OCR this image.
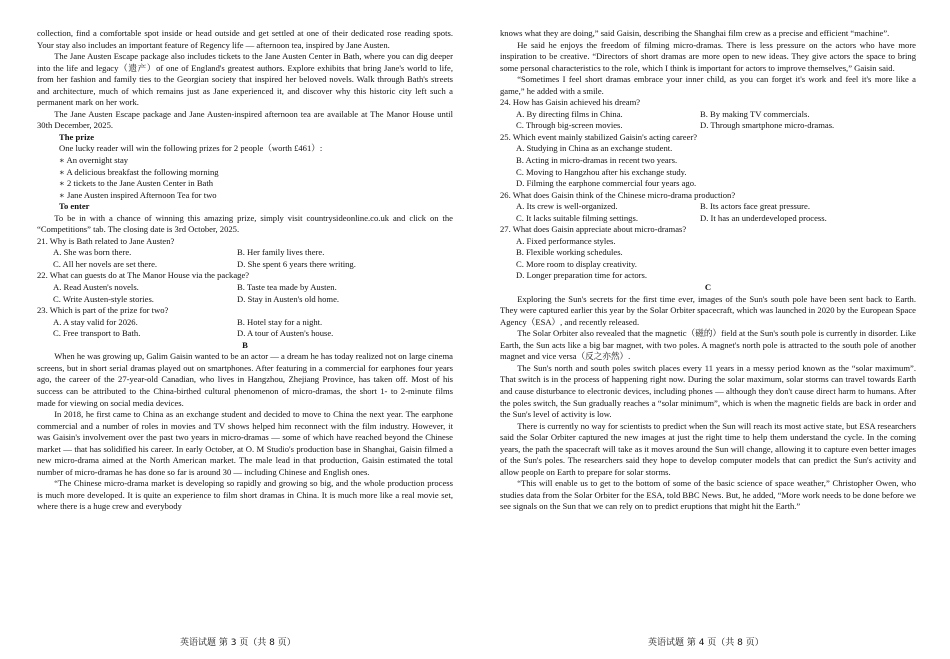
collection, find a comfortable spot inside or head outside and get settled at one of their dedicated rose reading spots. Your stay also includes an important feature of Regency life — afternoon tea, inspired by Jane Austen.

The Jane Austen Escape package also includes tickets to the Jane Austen Center in Bath, where you can dig deeper into the life and legacy（遗产）of one of England's greatest authors. Explore exhibits that bring Jane's world to life, from her fashion and family ties to the Georgian society that inspired her beloved novels. Walk through Bath's streets and architecture, much of which remains just as Jane experienced it, and discover why this historic city left such a permanent mark on her work.

The Jane Austen Escape package and Jane Austen-inspired afternoon tea are available at The Manor House until 30th December, 2025.

The prize
One lucky reader will win the following prizes for 2 people（worth £461）:
∗ An overnight stay
∗ A delicious breakfast the following morning
∗ 2 tickets to the Jane Austen Center in Bath
∗ Jane Austen inspired Afternoon Tea for two
To enter

To be in with a chance of winning this amazing prize, simply visit countrysideonline.co.uk and click on the “Competitions” tab. The closing date is 3rd October, 2025.

21. Why is Bath related to Jane Austen?
A. She was born there.	B. Her family lives there.
C. All her novels are set there.	D. She spent 6 years there writing.
22. What can guests do at The Manor House via the package?
A. Read Austen's novels.	B. Taste tea made by Austen.
C. Write Austen-style stories.	D. Stay in Austen's old home.
23. Which is part of the prize for two?
A. A stay valid for 2026.	B. Hotel stay for a night.
C. Free transport to Bath.	D. A tour of Austen's house.
B

When he was growing up, Galim Gaisin wanted to be an actor — a dream he has today realized not on large cinema screens, but in short serial dramas played out on smartphones. After featuring in a commercial for earphones four years ago, the career of the 27-year-old Canadian, who lives in Hangzhou, Zhejiang Province, has taken off. Most of his success can be attributed to the China-birthed cultural phenomenon of micro-dramas, the short 1- to 2-minute films made for viewing on social media devices.

In 2018, he first came to China as an exchange student and decided to move to China the next year. The earphone commercial and a number of roles in movies and TV shows helped him reconnect with the film industry. However, it was Gaisin's involvement over the past two years in micro-dramas — some of which have reached beyond the Chinese market — that has solidified his career. In early October, at O. M Studio's production base in Shanghai, Gaisin filmed a new micro-drama aimed at the North American market. The male lead in that production, Gaisin estimated the total number of micro-dramas he has done so far is around 30 — including Chinese and English ones.

“The Chinese micro-drama market is developing so rapidly and growing so big, and the whole production process is much more developed. It is quite an experience to film short dramas in China. It is much more like a real movie set, where there is a huge crew and everybody

knows what they are doing,” said Gaisin, describing the Shanghai film crew as a precise and efficient “machine”.

He said he enjoys the freedom of filming micro-dramas. There is less pressure on the actors who have more inspiration to be creative. “Directors of short dramas are more open to new ideas. They give actors the space to bring some personal characteristics to the role, which I think is important for actors to improve themselves,” Gaisin said.

“Sometimes I feel short dramas embrace your inner child, as you can forget it's work and feel it's more like a game,” he added with a smile.

24. How has Gaisin achieved his dream?
A. By directing films in China.	B. By making TV commercials.
C. Through big-screen movies.	D. Through smartphone micro-dramas.
25. Which event mainly stabilized Gaisin's acting career?
A. Studying in China as an exchange student.
B. Acting in micro-dramas in recent two years.
C. Moving to Hangzhou after his exchange study.
D. Filming the earphone commercial four years ago.
26. What does Gaisin think of the Chinese micro-drama production?
A. Its crew is well-organized.	B. Its actors face great pressure.
C. It lacks suitable filming settings.	D. It has an underdeveloped process.
27. What does Gaisin appreciate about micro-dramas?
A. Fixed performance styles.
B. Flexible working schedules.
C. More room to display creativity.
D. Longer preparation time for actors.
C

Exploring the Sun's secrets for the first time ever, images of the Sun's south pole have been sent back to Earth. They were captured earlier this year by the Solar Orbiter spacecraft, which was launched in 2020 by the European Space Agency（ESA）, and recently released.

The Solar Orbiter also revealed that the magnetic（磁的）field at the Sun's south pole is currently in disorder. Like Earth, the Sun acts like a big bar magnet, with two poles. A magnet's north pole is attracted to the south pole of another magnet and vice versa（反之亦然）.

The Sun's north and south poles switch places every 11 years in a messy period known as the “solar maximum”. That switch is in the process of happening right now. During the solar maximum, solar storms can travel towards Earth and cause disturbance to electronic devices, including phones — although they don't cause direct harm to humans. After the poles switch, the Sun gradually reaches a “solar minimum”, which is when the magnetic fields are back in order and the Sun's level of activity is low.

There is currently no way for scientists to predict when the Sun will reach its most active state, but ESA researchers said the Solar Orbiter captured the new images at just the right time to help them understand the cycle. In the coming years, the path the spacecraft will take as it moves around the Sun will change, allowing it to capture even better images of the Sun's poles. The researchers said they hope to develop computer models that can predict the Sun's activity and allow people on Earth to prepare for solar storms.

“This will enable us to get to the bottom of some of the basic science of space weather,” Christopher Owen, who studies data from the Solar Orbiter for the ESA, told BBC News. But, he added, “More work needs to be done before we see signals on the Sun that we can rely on to predict eruptions that might hit the Earth.”

英语试题 第 3 页（共 8 页）	英语试题 第 4 页（共 8 页）
